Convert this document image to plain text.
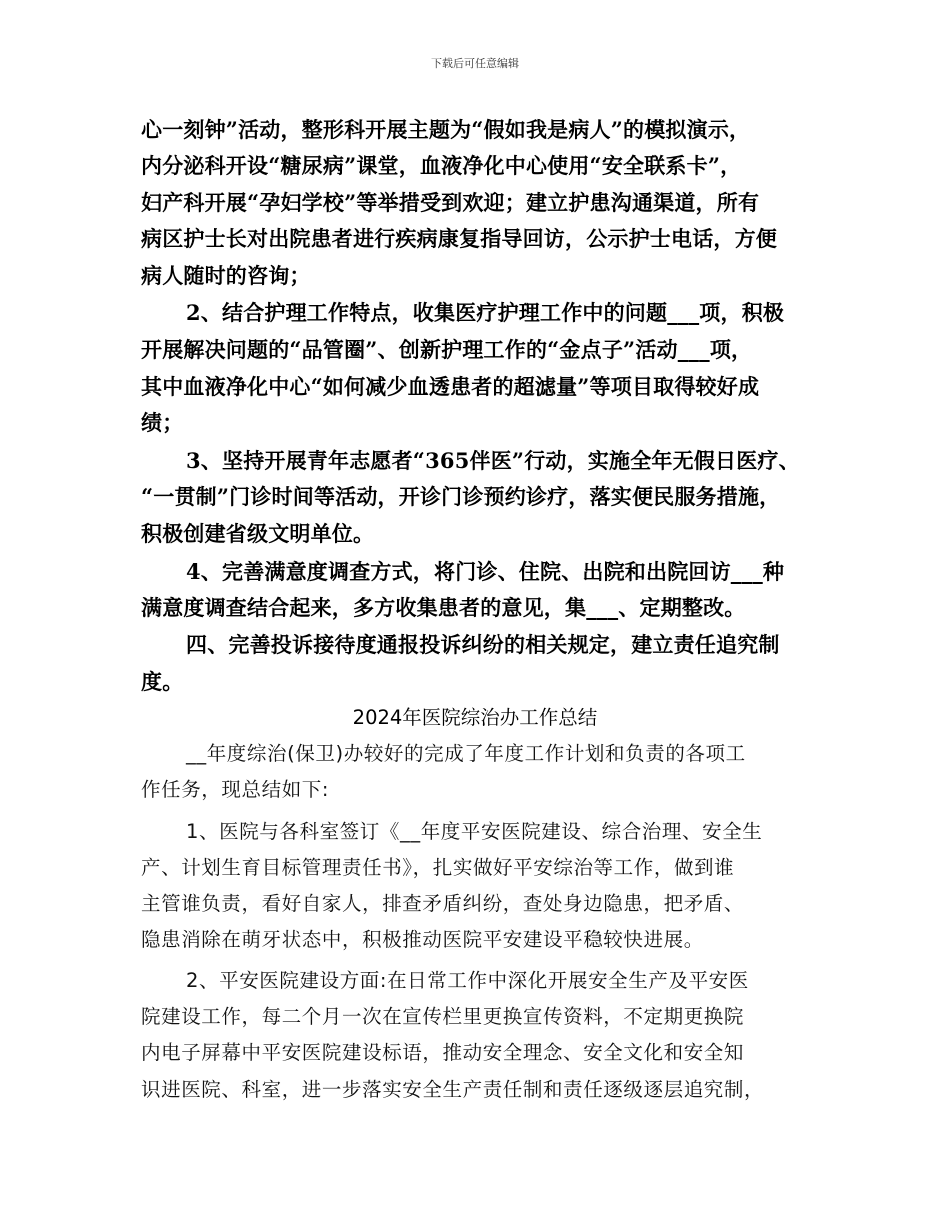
下载后可任意编辑
心一刻钟”活动，整形科开展主题为“假如我是病人”的模拟演示，
内分泌科开设“糖尿病”课堂，血液净化中心使用“安全联系卡”，
妇产科开展“孕妇学校”等举措受到欢迎；建立护患沟通渠道，所有
病区护士长对出院患者进行疾病康复指导回访，公示护士电话，方便
病人随时的咨询；
2、结合护理工作特点，收集医疗护理工作中的问题___项，积极
开展解决问题的“品管圈”、创新护理工作的“金点子”活动___项，
其中血液净化中心“如何减少血透患者的超滤量”等项目取得较好成
绩；
3、坚持开展青年志愿者“365伴医”行动，实施全年无假日医疗、
“一贯制”门诊时间等活动，开诊门诊预约诊疗，落实便民服务措施，
积极创建省级文明单位。
4、完善满意度调查方式，将门诊、住院、出院和出院回访___种
满意度调查结合起来，多方收集患者的意见，集___、定期整改。
四、完善投诉接待度通报投诉纠纷的相关规定，建立责任追究制
度。
2024年医院综治办工作总结
__年度综治(保卫)办较好的完成了年度工作计划和负责的各项工
作任务，现总结如下:
1、医院与各科室签订《__年度平安医院建设、综合治理、安全生
产、计划生育目标管理责任书》，扎实做好平安综治等工作，做到谁
主管谁负责，看好自家人，排查矛盾纠纷，查处身边隐患，把矛盾、
隐患消除在萌牙状态中，积极推动医院平安建设平稳较快进展。
2、平安医院建设方面:在日常工作中深化开展安全生产及平安医
院建设工作，每二个月一次在宣传栏里更换宣传资料，不定期更换院
内电子屏幕中平安医院建设标语，推动安全理念、安全文化和安全知
识进医院、科室，进一步落实安全生产责任制和责任逐级逐层追究制，
